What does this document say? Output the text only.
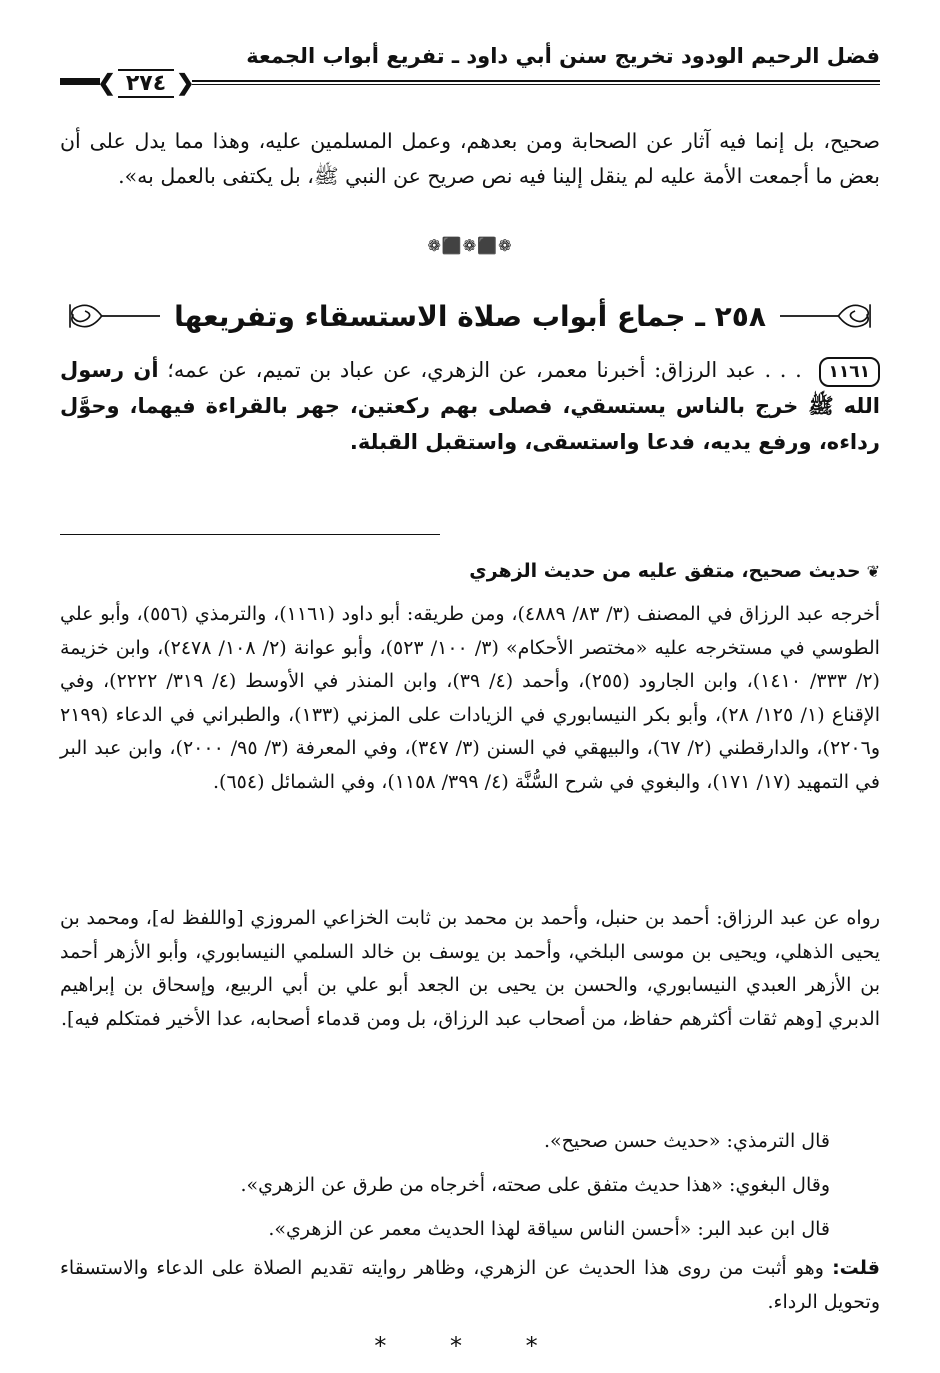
فضل الرحيم الودود تخريج سنن أبي داود ـ تفريع أبواب الجمعة
❮
٢٧٤
❯
صحيح، بل إنما فيه آثار عن الصحابة ومن بعدهم، وعمل المسلمين عليه، وهذا مما يدل على أن بعض ما أجمعت الأمة عليه لم ينقل إلينا فيه نص صريح عن النبي ﷺ، بل يكتفى بالعمل به».
❁⬛❁⬛❁
٢٥٨ ـ جماع أبواب صلاة الاستسقاء وتفريعها
١١٦١ . . . عبد الرزاق: أخبرنا معمر، عن الزهري، عن عباد بن تميم، عن عمه؛ أن رسول الله ﷺ خرج بالناس يستسقي، فصلى بهم ركعتين، جهر بالقراءة فيهما، وحوَّل رداءه، ورفع يديه، فدعا واستسقى، واستقبل القبلة.
❦حديث صحيح، متفق عليه من حديث الزهري
أخرجه عبد الرزاق في المصنف (٣/ ٨٣/ ٤٨٨٩)، ومن طريقه: أبو داود (١١٦١)، والترمذي (٥٥٦)، وأبو علي الطوسي في مستخرجه عليه «مختصر الأحكام» (٣/ ١٠٠/ ٥٢٣)، وأبو عوانة (٢/ ١٠٨/ ٢٤٧٨)، وابن خزيمة (٢/ ٣٣٣/ ١٤١٠)، وابن الجارود (٢٥٥)، وأحمد (٤/ ٣٩)، وابن المنذر في الأوسط (٤/ ٣١٩/ ٢٢٢٢)، وفي الإقناع (١/ ١٢٥/ ٢٨)، وأبو بكر النيسابوري في الزيادات على المزني (١٣٣)، والطبراني في الدعاء (٢١٩٩ و٢٢٠٦)، والدارقطني (٢/ ٦٧)، والبيهقي في السنن (٣/ ٣٤٧)، وفي المعرفة (٣/ ٩٥/ ٢٠٠٠)، وابن عبد البر في التمهيد (١٧/ ١٧١)، والبغوي في شرح السُّنَّة (٤/ ٣٩٩/ ١١٥٨)، وفي الشمائل (٦٥٤).
رواه عن عبد الرزاق: أحمد بن حنبل، وأحمد بن محمد بن ثابت الخزاعي المروزي [واللفظ له]، ومحمد بن يحيى الذهلي، ويحيى بن موسى البلخي، وأحمد بن يوسف بن خالد السلمي النيسابوري، وأبو الأزهر أحمد بن الأزهر العبدي النيسابوري، والحسن بن يحيى بن الجعد أبو علي بن أبي الربيع، وإسحاق بن إبراهيم الدبري [وهم ثقات أكثرهم حفاظ، من أصحاب عبد الرزاق، بل ومن قدماء أصحابه، عدا الأخير فمتكلم فيه].
قال الترمذي: «حديث حسن صحيح».
وقال البغوي: «هذا حديث متفق على صحته، أخرجاه من طرق عن الزهري».
قال ابن عبد البر: «أحسن الناس سياقة لهذا الحديث معمر عن الزهري».
قلت: وهو أثبت من روى هذا الحديث عن الزهري، وظاهر روايته تقديم الصلاة على الدعاء والاستسقاء وتحويل الرداء.
* * *
